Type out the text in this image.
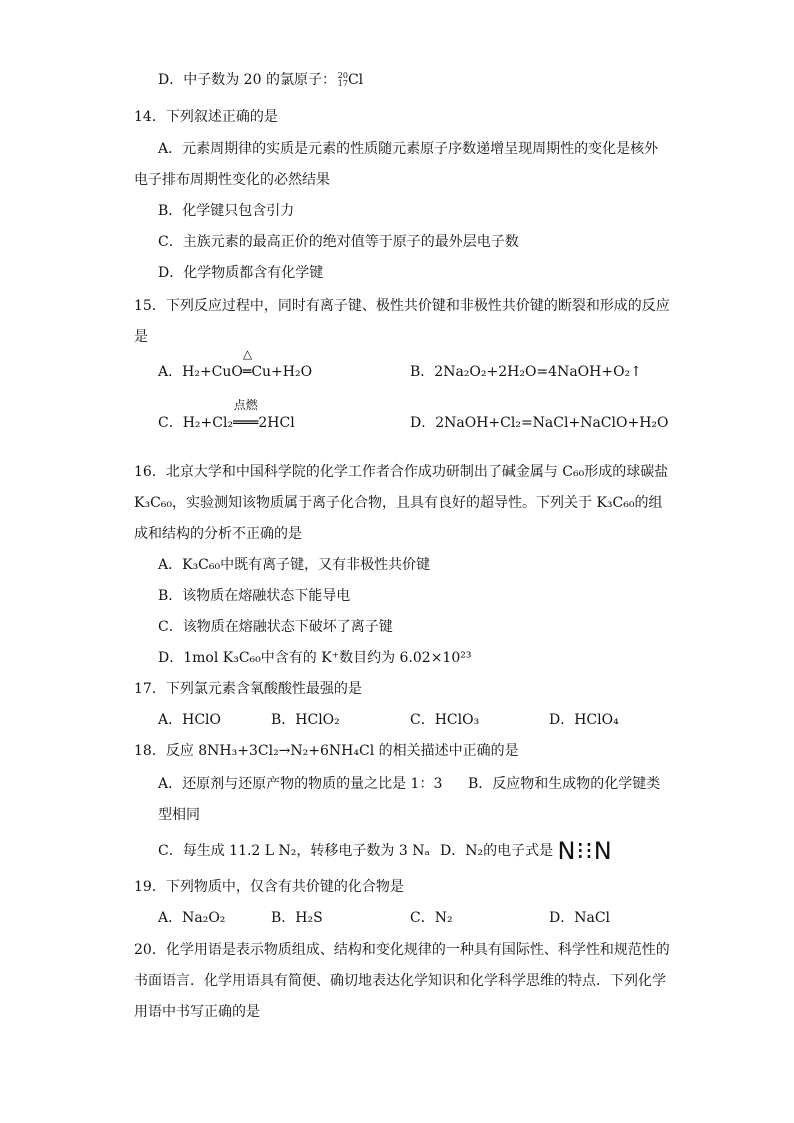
D．中子数为 20 的氯原子： 20
17 Cl
14．下列叙述正确的是
A．元素周期律的实质是元素的性质随元素原子序数递增呈现周期性的变化是核外
电子排布周期性变化的必然结果
B．化学键只包含引力
C．主族元素的最高正价的绝对值等于原子的最外层电子数
D．化学物质都含有化学键
15．下列反应过程中，同时有离子键、极性共价键和非极性共价键的断裂和形成的反应
是
A．H₂+CuO
△
═Cu+H₂O	B．2Na₂O₂+2H₂O=4NaOH+O₂↑
C．H₂+Cl₂
点燃
═══2HCl	D．2NaOH+Cl₂=NaCl+NaClO+H₂O
16．北京大学和中国科学院的化学工作者合作成功研制出了碱金属与 C₆₀形成的球碳盐
K₃C₆₀，实验测知该物质属于离子化合物，且具有良好的超导性。下列关于 K₃C₆₀的组
成和结构的分析不正确的是
A．K₃C₆₀中既有离子键，又有非极性共价键
B．该物质在熔融状态下能导电
C．该物质在熔融状态下破坏了离子键
D．1mol K₃C₆₀中含有的 K⁺数目约为 6.02×10²³
17．下列氯元素含氧酸酸性最强的是
A．HClO	B．HClO₂	C．HClO₃	D．HClO₄
18．反应 8NH₃+3Cl₂→N₂+6NH₄Cl 的相关描述中正确的是
A．还原剂与还原产物的物质的量之比是 1：3 B．反应物和生成物的化学键类
型相同
C．每生成 11.2 L N₂，转移电子数为 3 Nₐ D．N₂的电子式是 N⁝⁝N
19．下列物质中，仅含有共价键的化合物是
A．Na₂O₂	B．H₂S	C．N₂	D．NaCl
20．化学用语是表示物质组成、结构和变化规律的一种具有国际性、科学性和规范性的
书面语言．化学用语具有简便、确切地表达化学知识和化学科学思维的特点．下列化学
用语中书写正确的是
